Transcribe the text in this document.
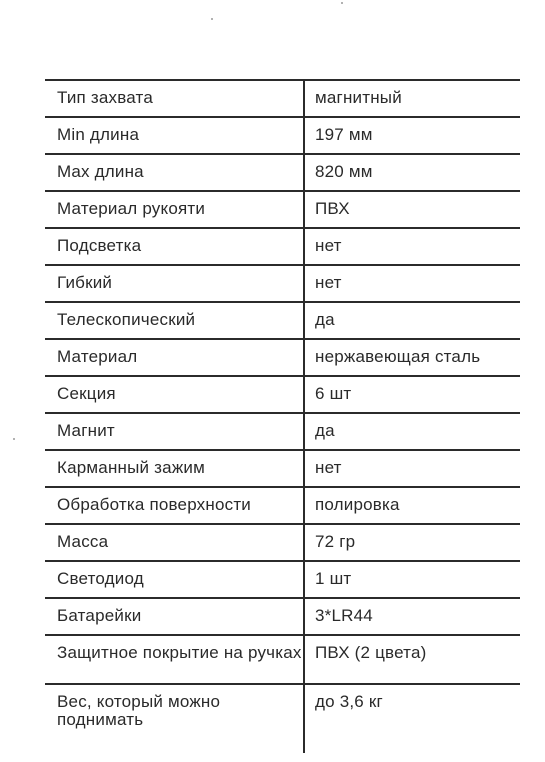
Тип захвата	магнитный
Min длина	197 мм
Max длина	820 мм
Материал рукояти	ПВХ
Подсветка	нет
Гибкий	нет
Телескопический	да
Материал	нержавеющая сталь
Секция	6 шт
Магнит	да
Карманный зажим	нет
Обработка поверхности	полировка
Масса	72 гр
Светодиод	1 шт
Батарейки	3*LR44
Защитное покрытие на ручках	ПВХ (2 цвета)
Вес, который можно поднимать	до 3,6 кг
